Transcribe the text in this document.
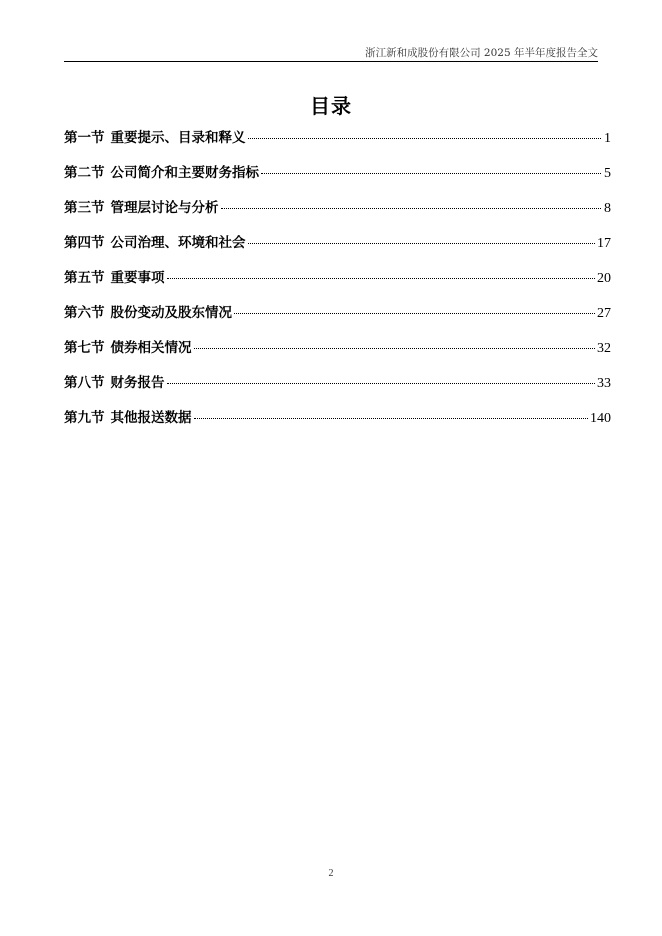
浙江新和成股份有限公司 2025 年半年度报告全文
目录
第一节 重要提示、目录和释义	1
第二节 公司简介和主要财务指标	5
第三节 管理层讨论与分析	8
第四节 公司治理、环境和社会	17
第五节 重要事项	20
第六节 股份变动及股东情况	27
第七节 债券相关情况	32
第八节 财务报告	33
第九节 其他报送数据	140
2
